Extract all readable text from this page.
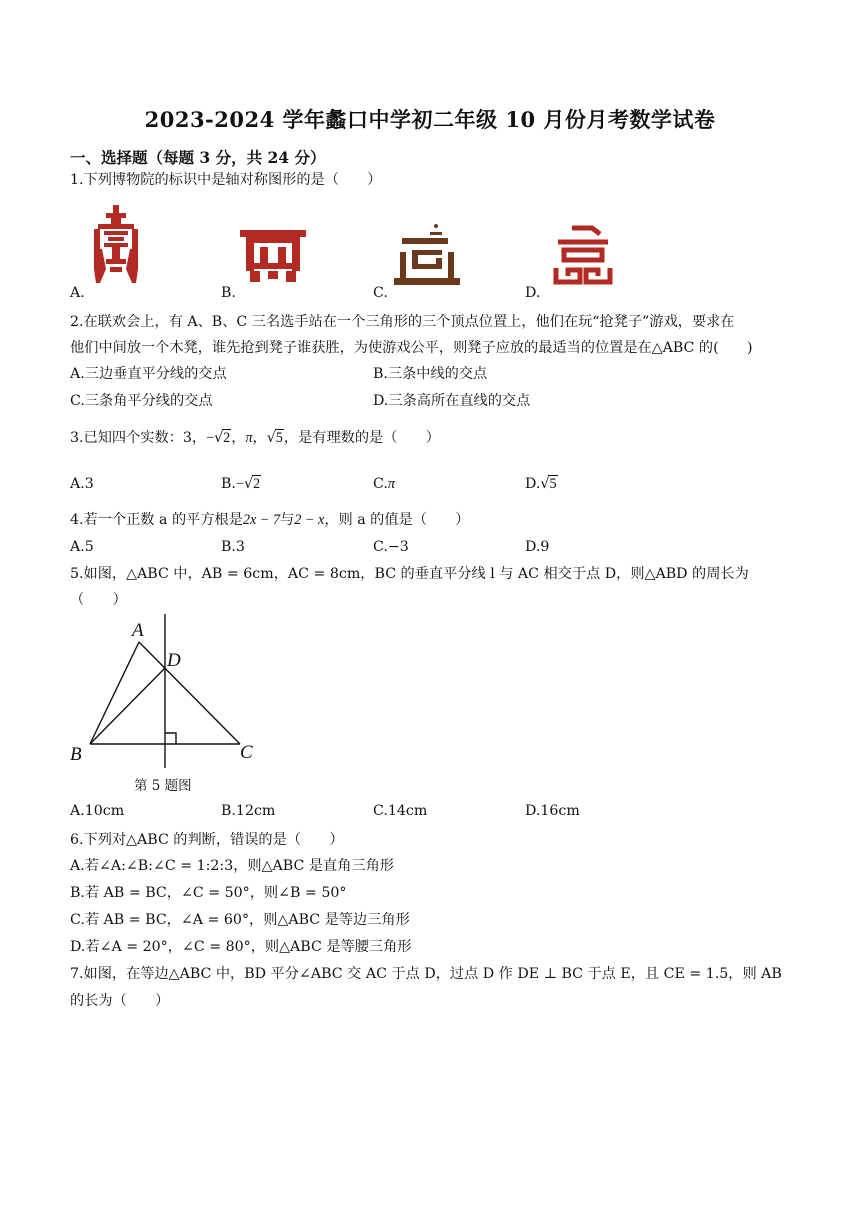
2023-2024 学年蠡口中学初二年级 10 月份月考数学试卷
一、选择题（每题 3 分，共 24 分）
1.下列博物院的标识中是轴对称图形的是（　　）
A.	B.	C.	D.
2.在联欢会上，有 A、B、C 三名选手站在一个三角形的三个顶点位置上，他们在玩“抢凳子”游戏，要求在
他们中间放一个木凳，谁先抢到凳子谁获胜，为使游戏公平，则凳子应放的最适当的位置是在△ABC 的(　　)
A.三边垂直平分线的交点	B.三条中线的交点
C.三条角平分线的交点	D.三条高所在直线的交点
3.已知四个实数：3，−√2，π，√5，是有理数的是（　　）
A.3	B.−√2	C.π	D.√5
4.若一个正数 a 的平方根是2x − 7与2 − x，则 a 的值是（　　）
A.5	B.3	C.−3	D.9
5.如图，△ABC 中，AB = 6cm，AC = 8cm，BC 的垂直平分线 l 与 AC 相交于点 D，则△ABD 的周长为
（　　）
A
D
B	C
第 5 题图
A.10cm	B.12cm	C.14cm	D.16cm
6.下列对△ABC 的判断，错误的是（　　）
A.若∠A:∠B:∠C = 1:2:3，则△ABC 是直角三角形
B.若 AB = BC，∠C = 50°，则∠B = 50°
C.若 AB = BC，∠A = 60°，则△ABC 是等边三角形
D.若∠A = 20°，∠C = 80°，则△ABC 是等腰三角形
7.如图，在等边△ABC 中，BD 平分∠ABC 交 AC 于点 D，过点 D 作 DE ⊥ BC 于点 E，且 CE = 1.5，则 AB
的长为（　　）
